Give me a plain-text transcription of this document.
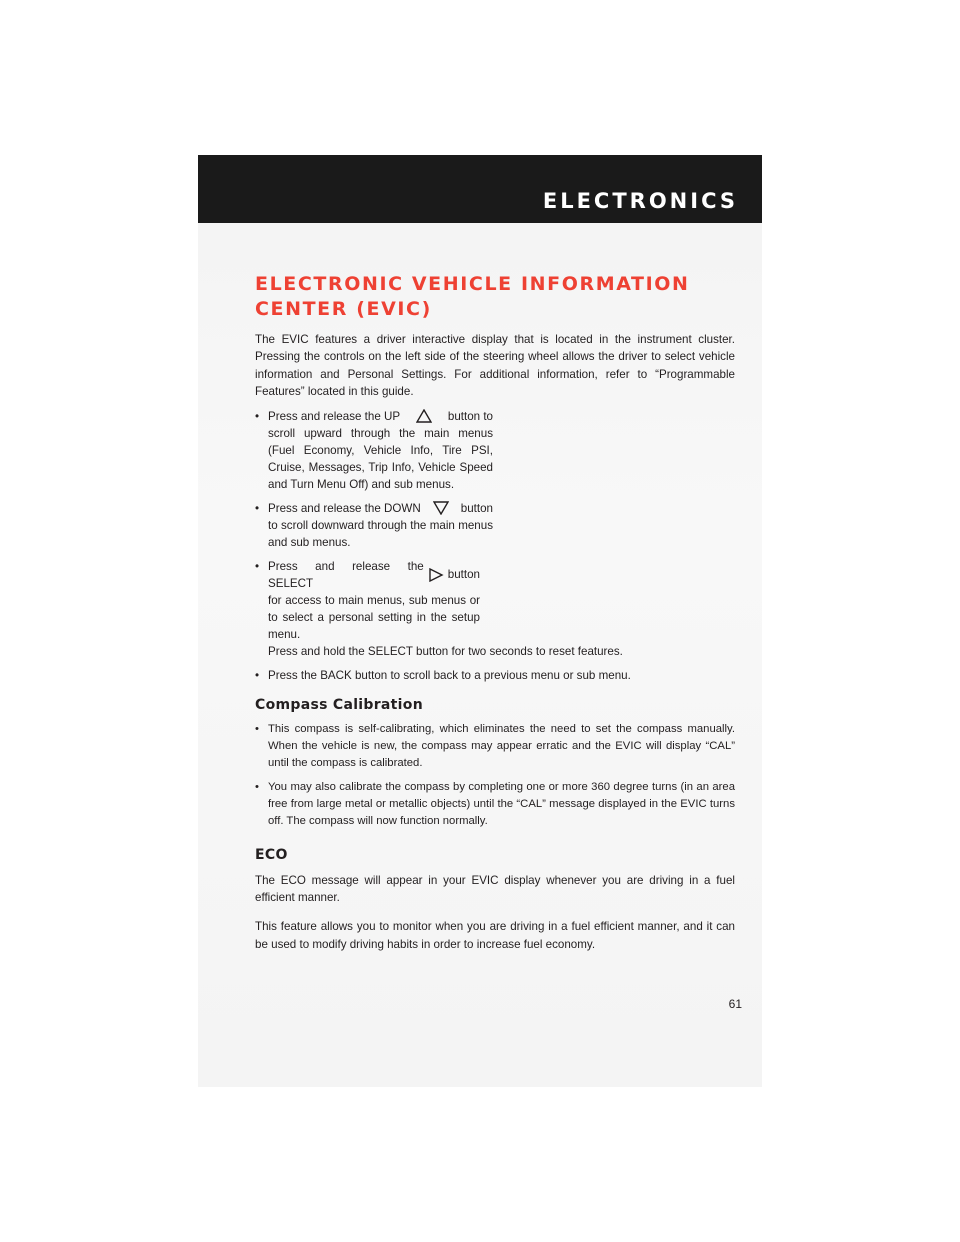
ELECTRONICS
ELECTRONIC VEHICLE INFORMATION
CENTER (EVIC)

The EVIC features a driver interactive display that is located in the instrument cluster. Pressing the controls on the left side of the steering wheel allows the driver to select vehicle information and Personal Settings. For additional information, refer to “Programmable Features” located in this guide.

• Press and release the UP	button to
scroll upward through the main menus (Fuel Economy, Vehicle Info, Tire PSI, Cruise, Messages, Trip Info, Vehicle Speed and Turn Menu Off) and sub menus.
• Press and release the DOWN	button
to scroll downward through the main menus and sub menus.
• Press and release the SELECT
button
for access to main menus, sub menus or to select a personal setting in the setup menu.
Press and hold the SELECT button for two seconds to reset features.
• Press the BACK button to scroll back to a previous menu or sub menu.
Compass Calibration
• This compass is self-calibrating, which eliminates the need to set the compass manually. When the vehicle is new, the compass may appear erratic and the EVIC will display “CAL” until the compass is calibrated.
• You may also calibrate the compass by completing one or more 360 degree turns (in an area free from large metal or metallic objects) until the “CAL” message displayed in the EVIC turns off. The compass will now function normally.
ECO

The ECO message will appear in your EVIC display whenever you are driving in a fuel efficient manner.

This feature allows you to monitor when you are driving in a fuel efficient manner, and it can be used to modify driving habits in order to increase fuel economy.

61
